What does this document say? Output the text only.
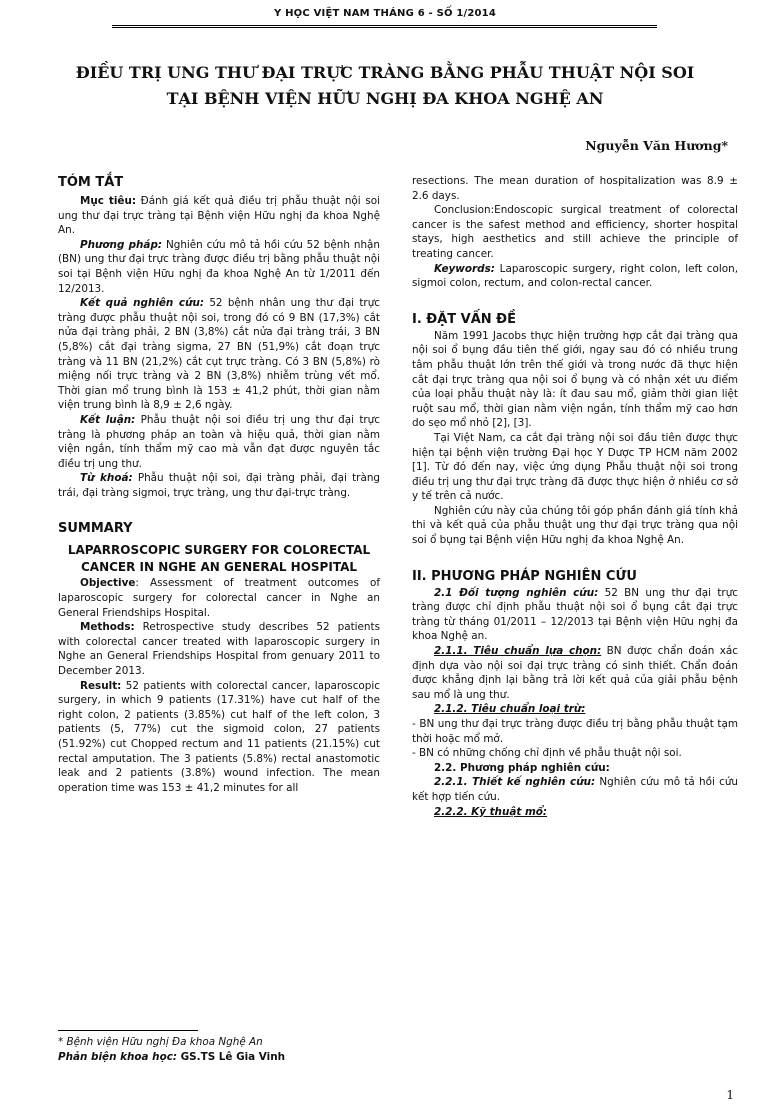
Y HỌC VIỆT NAM THÁNG 6 - SỐ 1/2014
ĐIỀU TRỊ UNG THƯ ĐẠI TRỰC TRÀNG BẰNG PHẪU THUẬT NỘI SOI
TẠI BỆNH VIỆN HỮU NGHỊ ĐA KHOA NGHỆ AN
Nguyễn Văn Hương*

TÓM TẮT

Mục tiêu: Đánh giá kết quả điều trị phẫu thuật nội soi ung thư đại trực tràng tại Bệnh viện Hữu nghị đa khoa Nghệ An.

Phương pháp: Nghiên cứu mô tả hồi cứu 52 bệnh nhận (BN) ung thư đại trực tràng được điều trị bằng phẫu thuật nội soi tại Bệnh viện Hữu nghị đa khoa Nghệ An từ 1/2011 đến 12/2013.

Kết quả nghiên cứu: 52 bệnh nhân ung thư đại trực tràng được phẫu thuật nội soi, trong đó có 9 BN (17,3%) cắt nửa đại tràng phải, 2 BN (3,8%) cắt nửa đại tràng trái, 3 BN (5,8%) cắt đại tràng sigma, 27 BN (51,9%) cắt đoạn trực tràng và 11 BN (21,2%) cắt cụt trực tràng. Có 3 BN (5,8%) rò miệng nối trực tràng và 2 BN (3,8%) nhiễm trùng vết mổ. Thời gian mổ trung bình là 153 ± 41,2 phút, thời gian nằm viện trung bình là 8,9 ± 2,6 ngày.

Kết luận: Phẫu thuật nội soi điều trị ung thư đại trực tràng là phương pháp an toàn và hiệu quả, thời gian nằm viện ngắn, tính thẩm mỹ cao mà vẫn đạt được nguyên tắc điều trị ung thư.

Từ khoá: Phẫu thuật nội soi, đại tràng phải, đại tràng trái, đại tràng sigmoi, trực tràng, ung thư đại-trực tràng.

SUMMARY

LAPARROSCOPIC SURGERY FOR COLORECTAL CANCER IN NGHE AN GENERAL HOSPITAL

Objective: Assessment of treatment outcomes of laparoscopic surgery for colorectal cancer in Nghe an General Friendships Hospital.

Methods: Retrospective study describes 52 patients with colorectal cancer treated with laparoscopic surgery in Nghe an General Friendships Hospital from genuary 2011 to December 2013.

Result: 52 patients with colorectal cancer, laparoscopic surgery, in which 9 patients (17.31%) have cut half of the right colon, 2 patients (3.85%) cut half of the left colon, 3 patients (5, 77%) cut the sigmoid colon, 27 patients (51.92%) cut Chopped rectum and 11 patients (21.15%) cut rectal amputation. The 3 patients (5.8%) rectal anastomotic leak and 2 patients (3.8%) wound infection. The mean operation time was 153 ± 41,2 minutes for all

resections. The mean duration of hospitalization was 8.9 ± 2.6 days.

Conclusion:Endoscopic surgical treatment of colorectal cancer is the safest method and efficiency, shorter hospital stays, high aesthetics and still achieve the principle of treating cancer.

Keywords: Laparoscopic surgery, right colon, left colon, sigmoi colon, rectum, and colon-rectal cancer.

I. ĐẶT VẤN ĐỀ

Năm 1991 Jacobs thực hiện trường hợp cắt đại tràng qua nội soi ổ bụng đầu tiên thế giới, ngay sau đó có nhiều trung tâm phẫu thuật lớn trên thế giới và trong nước đã thực hiện cắt đại trực tràng qua nội soi ổ bụng và có nhận xét ưu điểm của loại phẫu thuật này là: ít đau sau mổ, giảm thời gian liệt ruột sau mổ, thời gian nằm viện ngắn, tính thẩm mỹ cao hơn do sẹo mổ nhỏ [2], [3].

Tại Việt Nam, ca cắt đại tràng nội soi đầu tiên được thực hiện tại bệnh viện trường Đại học Y Dược TP HCM năm 2002 [1]. Từ đó đến nay, việc ứng dụng Phẫu thuật nội soi trong điều trị ung thư đại trực tràng đã được thực hiện ở nhiều cơ sở y tế trên cả nước.

Nghiên cứu này của chúng tôi góp phần đánh giá tính khả thi và kết quả của phẫu thuật ung thư đại trực tràng qua nội soi ổ bụng tại Bệnh viện Hữu nghị đa khoa Nghệ An.

II. PHƯƠNG PHÁP NGHIÊN CỨU

2.1 Đối tượng nghiên cứu: 52 BN ung thư đại trực tràng được chỉ định phẫu thuật nội soi ổ bụng cắt đại trực tràng từ tháng 01/2011 – 12/2013 tại Bệnh viện Hữu nghị đa khoa Nghệ an.

2.1.1. Tiêu chuẩn lựa chọn: BN được chẩn đoán xác định dựa vào nội soi đại trực tràng có sinh thiết. Chẩn đoán được khẳng định lại bằng trả lời kết quả của giải phẫu bệnh sau mổ là ung thư.

2.1.2. Tiêu chuẩn loại trừ:

- BN ung thư đại trực tràng được điều trị bằng phẫu thuật tạm thời hoặc mổ mở.

- BN có những chống chỉ định về phẫu thuật nội soi.

2.2. Phương pháp nghiên cứu:

2.2.1. Thiết kế nghiên cứu: Nghiên cứu mô tả hồi cứu kết hợp tiến cứu.

2.2.2. Kỹ thuật mổ:

* Bệnh viện Hữu nghị Đa khoa Nghệ An
Phản biện khoa học: GS.TS Lê Gia Vinh
1
